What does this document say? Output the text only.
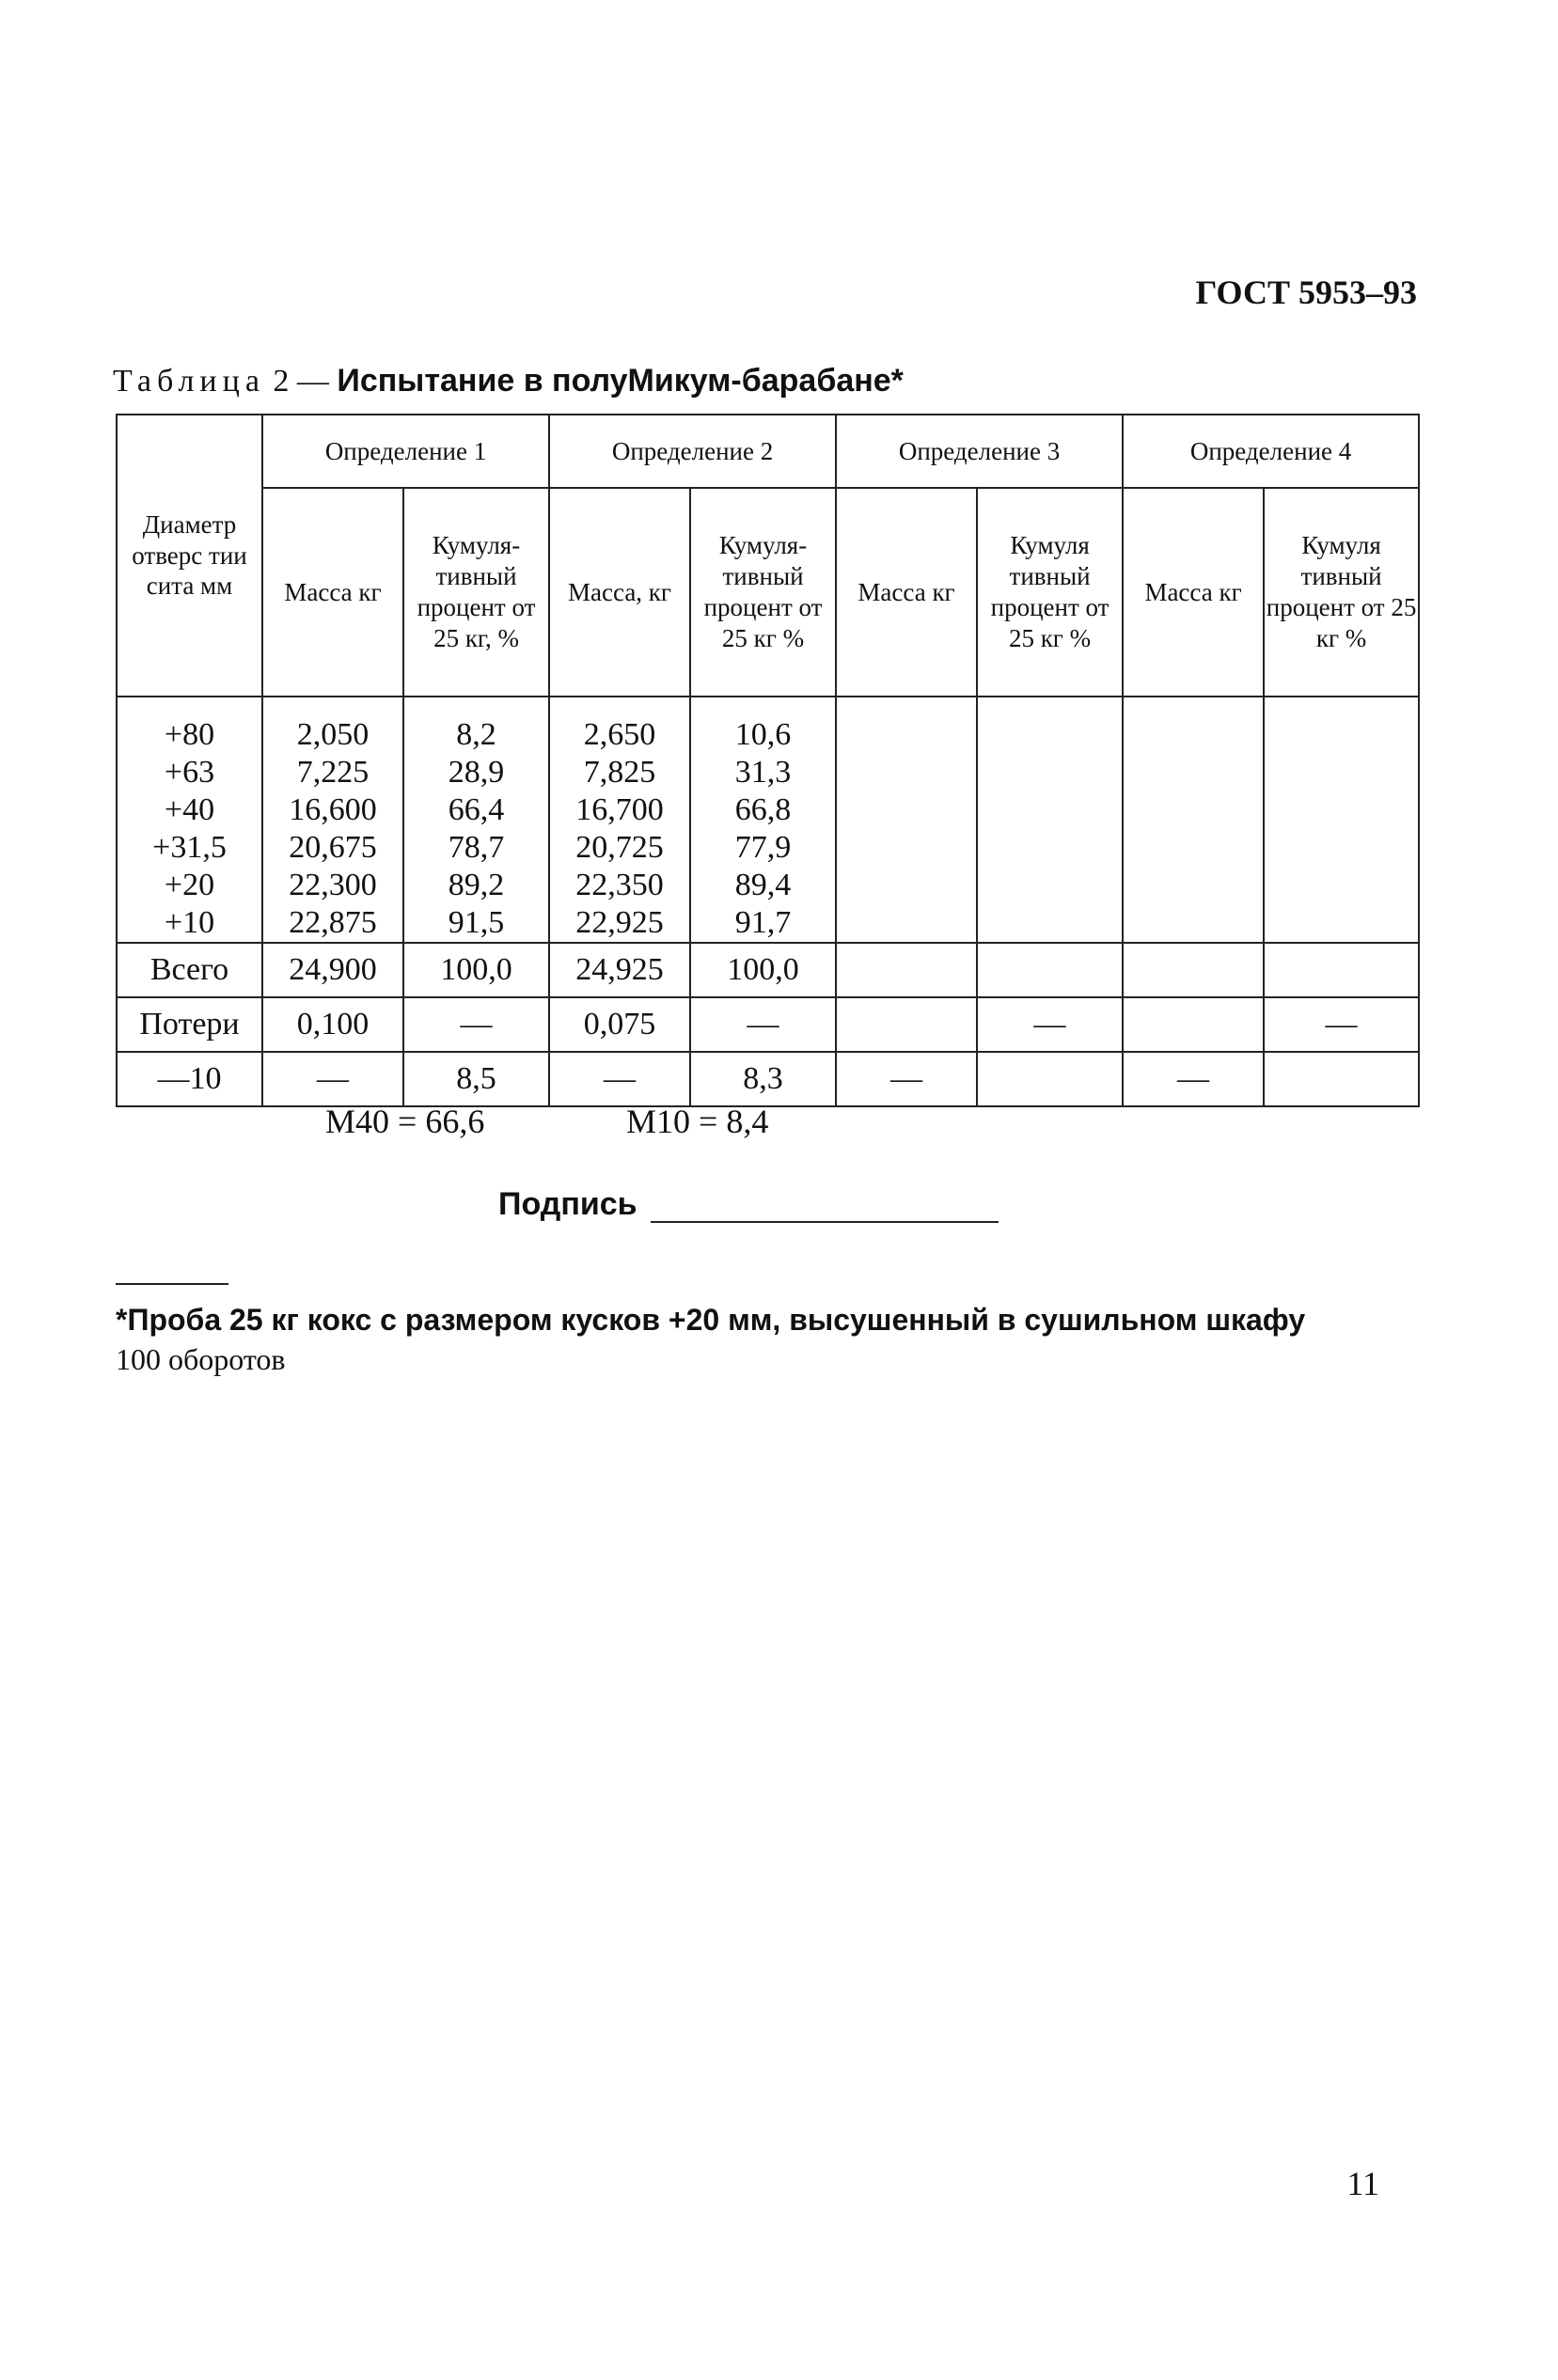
ГОСТ 5953–93
Таблица 2 — Испытание в полуМикум-барабане*
Диаметр отверс тии сита мм	Определение 1		Определение 2		Определение 3		Определение 4	
	Масса кг	Кумуля-тивный процент от 25 кг, %	Масса, кг	Кумуля-тивный процент от 25 кг %	Масса кг	Кумуля тивный процент от 25 кг %	Масса кг	Кумуля тивный процент от 25 кг %
+80	2,050	8,2	2,650	10,6				
+63	7,225	28,9	7,825	31,3				
+40	16,600	66,4	16,700	66,8				
+31,5	20,675	78,7	20,725	77,9				
+20	22,300	89,2	22,350	89,4				
+10	22,875	91,5	22,925	91,7				
Всего	24,900	100,0	24,925	100,0				
Потери	0,100	—	0,075	—		—		—
—10	—	8,5	—	8,3	—		—	
M40 = 66,6	M10 = 8,4
Подпись
*Проба 25 кг кокс с размером кусков +20 мм, высушенный в сушильном шкафу
100 оборотов
11
